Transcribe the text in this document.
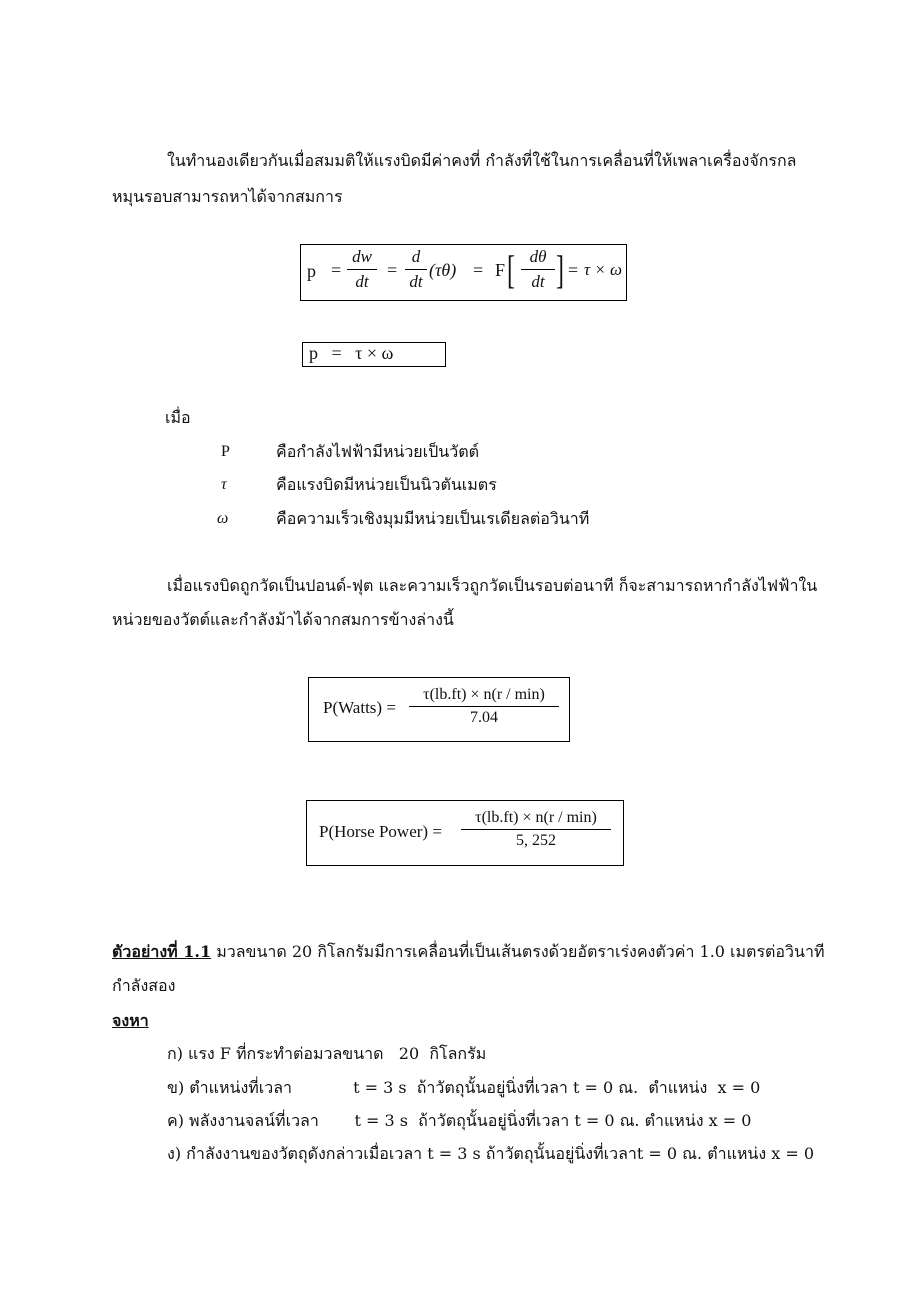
ในทำนองเดียวกันเมื่อสมมติให้แรงบิดมีค่าคงที่ กำลังที่ใช้ในการเคลื่อนที่ให้เพลาเครื่องจักรกล
หมุนรอบสามารถหาได้จากสมการ
p =
dw
dt
=
d
dt
(τθ) = F [ dθ
dt ] = τ × ω
p   =   τ × ω
เมื่อ
P	คือกำลังไฟฟ้ามีหน่วยเป็นวัตต์
τ	คือแรงบิดมีหน่วยเป็นนิวตันเมตร
ω	คือความเร็วเชิงมุมมีหน่วยเป็นเรเดียลต่อวินาที
เมื่อแรงบิดถูกวัดเป็นปอนด์-ฟุต และความเร็วถูกวัดเป็นรอบต่อนาที ก็จะสามารถหากำลังไฟฟ้าใน
หน่วยของวัตต์และกำลังม้าได้จากสมการข้างล่างนี้
P(Watts) =
τ(lb.ft) × n(r / min)
7.04
P(Horse Power) =
τ(lb.ft) × n(r / min)
5, 252
ตัวอย่างที่ 1.1 มวลขนาด 20 กิโลกรัมมีการเคลื่อนที่เป็นเส้นตรงด้วยอัตราเร่งคงตัวค่า 1.0 เมตรต่อวินาที
กำลังสอง
จงหา
ก) แรง F ที่กระทำต่อมวลขนาด   20  กิโลกรัม
ข) ตำแหน่งที่เวลา            t = 3 s  ถ้าวัตถุนั้นอยู่นิ่งที่เวลา t = 0 ณ.  ตำแหน่ง  x = 0
ค) พลังงานจลน์ที่เวลา       t = 3 s  ถ้าวัตถุนั้นอยู่นิ่งที่เวลา t = 0 ณ. ตำแหน่ง x = 0
ง) กำลังงานของวัตถุดังกล่าวเมื่อเวลา t = 3 s ถ้าวัตถุนั้นอยู่นิ่งที่เวลาt = 0 ณ. ตำแหน่ง x = 0
